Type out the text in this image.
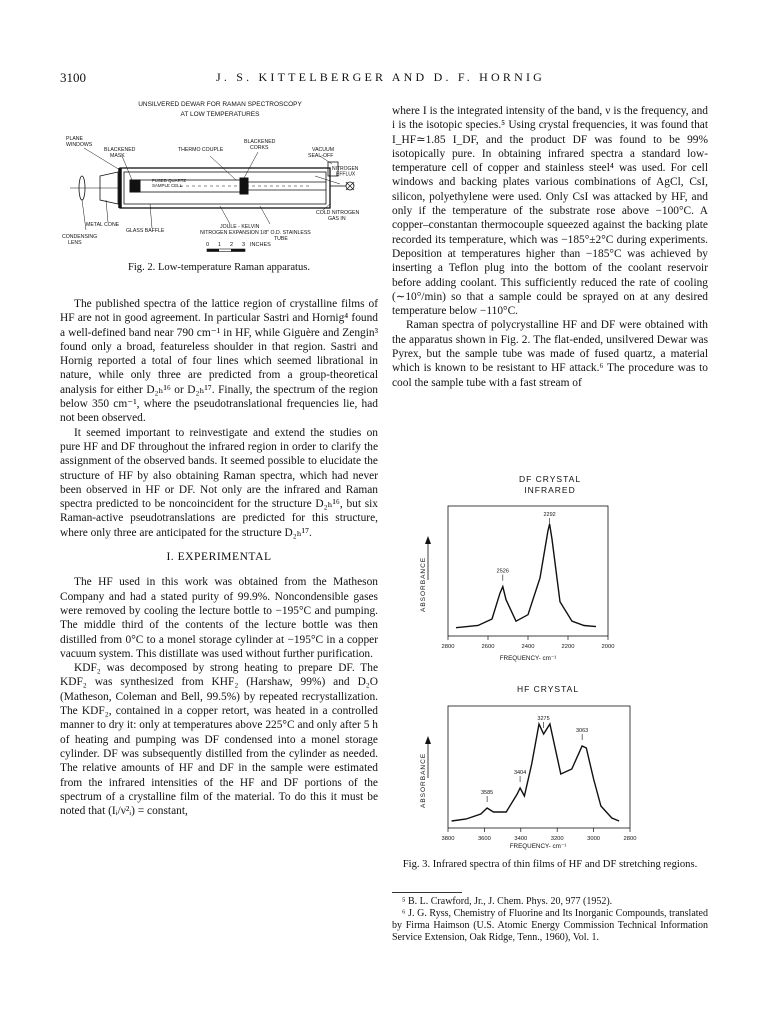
3100	J. S. KITTELBERGER AND D. F. HORNIG
UNSILVERED DEWAR FOR RAMAN SPECTROSCOPY
AT LOW TEMPERATURES
PLANE WINDOWS
BLACKENED MASK
THERMO COUPLE
BLACKENED CORKS	VACUUM SEAL-OFF
NITROGEN EFFLUX
FUSED QUARTZ SAMPLE CELL
COLD NITROGEN GAS IN
METAL CONE
GLASS BAFFLE
JOULE - KELVIN NITROGEN EXPANSION 1/8" O.D. STAINLESS TUBE
CONDENSING LENS	0 1 2 3 INCHES
Fig. 2. Low-temperature Raman apparatus.

The published spectra of the lattice region of crystalline films of HF are not in good agreement. In particular Sastri and Hornig⁴ found a well-defined band near 790 cm⁻¹ in HF, while Giguère and Zengin³ found only a broad, featureless shoulder in that region. Sastri and Hornig reported a total of four lines which seemed librational in nature, while only three are predicted from a group-theoretical analysis for either D₂ₕ¹⁶ or D₂ₕ¹⁷. Finally, the spectrum of the region below 350 cm⁻¹, where the pseudotranslational frequencies lie, had not been observed.

It seemed important to reinvestigate and extend the studies on pure HF and DF throughout the infrared region in order to clarify the assignment of the observed bands. It seemed possible to elucidate the structure of HF by also obtaining Raman spectra, which had never been observed in HF or DF. Not only are the infrared and Raman spectra predicted to be noncoincident for the structure D₂ₕ¹⁶, but six Raman-active pseudotranslations are predicted for this structure, where only three are anticipated for the structure D₂ₕ¹⁷.

I. EXPERIMENTAL

The HF used in this work was obtained from the Matheson Company and had a stated purity of 99.9%. Noncondensible gases were removed by cooling the lecture bottle to −195°C and pumping. The middle third of the contents of the lecture bottle was then distilled from 0°C to a monel storage cylinder at −195°C in a copper vacuum system. This distillate was used without further purification.

KDF₂ was decomposed by strong heating to prepare DF. The KDF₂ was synthesized from KHF₂ (Harshaw, 99%) and D₂O (Matheson, Coleman and Bell, 99.5%) by repeated recrystallization. The KDF₂, contained in a copper retort, was heated in a controlled manner to dry it: only at temperatures above 225°C and only after 5 h of heating and pumping was DF condensed into a monel storage cylinder. DF was subsequently distilled from the cylinder as needed. The relative amounts of HF and DF in the sample were estimated from the infrared intensities of the HF and DF portions of the spectrum of a crystalline film of the material. To do this it must be noted that (Iᵢ/ν²ᵢ) = constant,

where I is the integrated intensity of the band, ν is the frequency, and i is the isotopic species.⁵ Using crystal frequencies, it was found that I_HF≃1.85 I_DF, and the product DF was found to be 99% isotopically pure. In obtaining infrared spectra a standard low-temperature cell of copper and stainless steel⁴ was used. For cell windows and backing plates various combinations of AgCl, CsI, silicon, polyethylene were used. Only CsI was attacked by HF, and only if the temperature of the substrate rose above −100°C. A copper–constantan thermocouple squeezed against the backing plate recorded its temperature, which was −185°±2°C during experiments. Deposition at temperatures higher than −185°C was achieved by inserting a Teflon plug into the bottom of the coolant reservoir before adding coolant. This sufficiently reduced the rate of cooling (∼10°/min) so that a sample could be sprayed on at any desired temperature below −110°C.

Raman spectra of polycrystalline HF and DF were obtained with the apparatus shown in Fig. 2. The flat-ended, unsilvered Dewar was Pyrex, but the sample tube was made of fused quartz, a material which is known to be resistant to HF attack.⁶ The procedure was to cool the sample tube with a fast stream of

DF CRYSTAL
INFRARED
2800	2600	2400	2200	2000
2526
2292
ABSORBANCE
FREQUENCY- cm⁻¹
HF CRYSTAL
3800	3600	3400	3200	3000	2800
3585
3404
3275
3063
ABSORBANCE
FREQUENCY- cm⁻¹
Fig. 3. Infrared spectra of thin films of HF and DF stretching regions.

⁵ B. L. Crawford, Jr., J. Chem. Phys. 20, 977 (1952).

⁶ J. G. Ryss, Chemistry of Fluorine and Its Inorganic Compounds, translated by Firma Haimson (U.S. Atomic Energy Commission Technical Information Service Extension, Oak Ridge, Tenn., 1960), Vol. 1.
